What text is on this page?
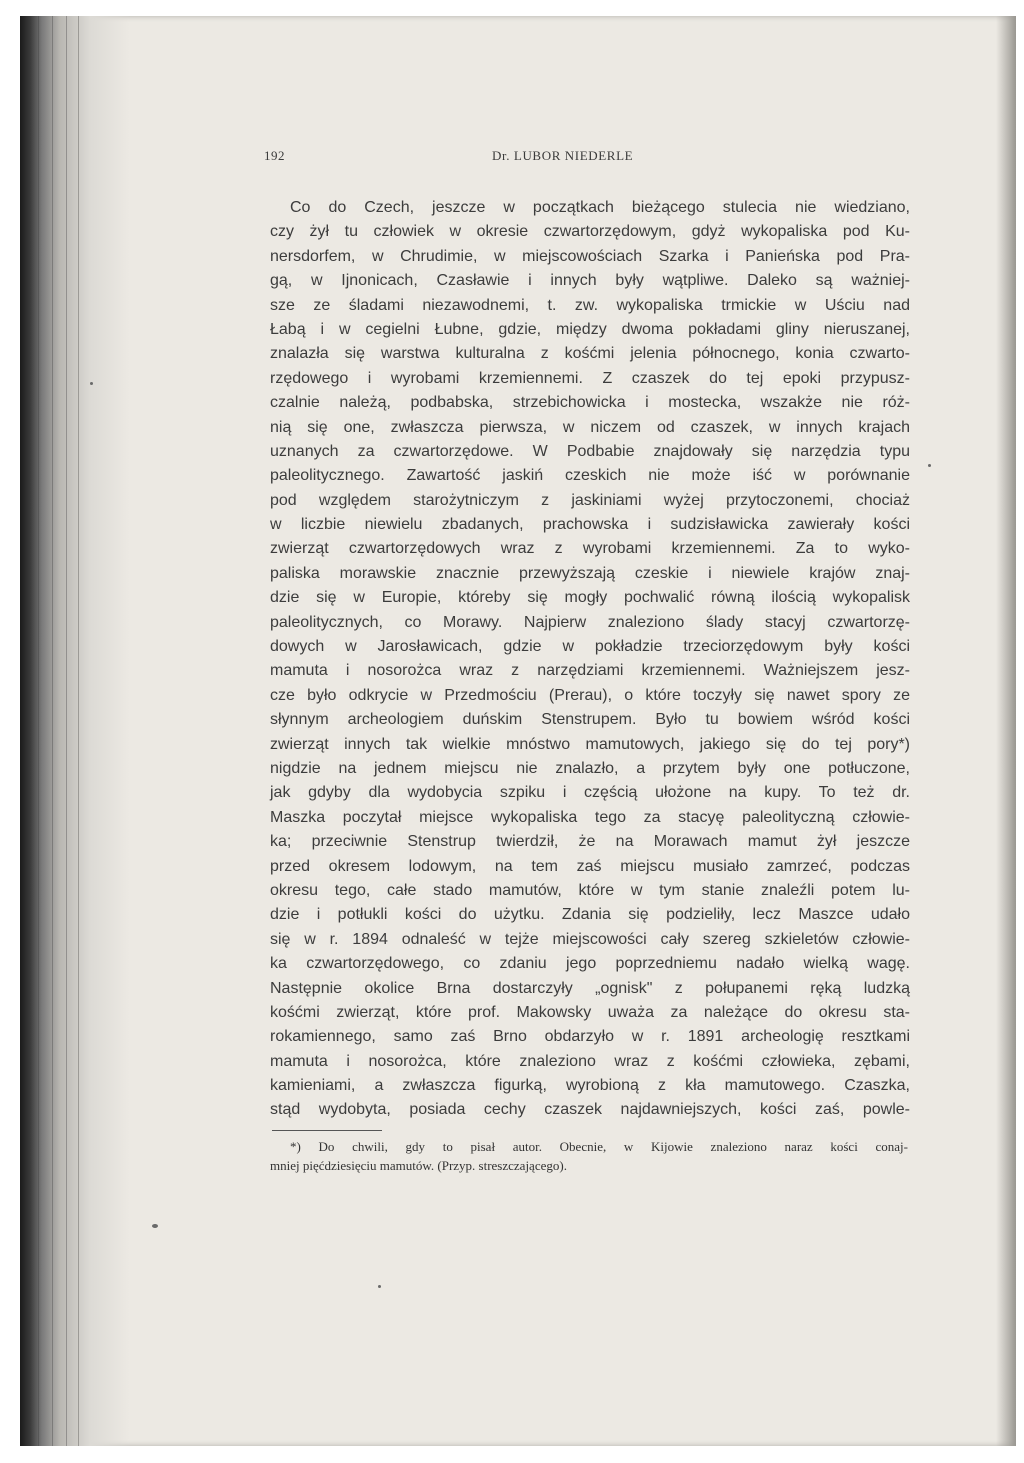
192	Dr. LUBOR NIEDERLE
Co do Czech, jeszcze w początkach bieżącego stulecia nie wiedziano,
czy żył tu człowiek w okresie czwartorzędowym, gdyż wykopaliska pod Ku-
nersdorfem, w Chrudimie, w miejscowościach Szarka i Panieńska pod Pra-
gą, w Ijnonicach, Czasławie i innych były wątpliwe. Daleko są ważniej-
sze ze śladami niezawodnemi, t. zw. wykopaliska trmickie w Uściu nad
Łabą i w cegielni Łubne, gdzie, między dwoma pokładami gliny nieruszanej,
znalazła się warstwa kulturalna z kośćmi jelenia północnego, konia czwarto-
rzędowego i wyrobami krzemiennemi. Z czaszek do tej epoki przypusz-
czalnie należą, podbabska, strzebichowicka i mostecka, wszakże nie róż-
nią się one, zwłaszcza pierwsza, w niczem od czaszek, w innych krajach
uznanych za czwartorzędowe. W Podbabie znajdowały się narzędzia typu
paleolitycznego. Zawartość jaskiń czeskich nie może iść w porównanie
pod względem starożytniczym z jaskiniami wyżej przytoczonemi, chociaż
w liczbie niewielu zbadanych, prachowska i sudzisławicka zawierały kości
zwierząt czwartorzędowych wraz z wyrobami krzemiennemi. Za to wyko-
paliska morawskie znacznie przewyższają czeskie i niewiele krajów znaj-
dzie się w Europie, któreby się mogły pochwalić równą ilością wykopalisk
paleolitycznych, co Morawy. Najpierw znaleziono ślady stacyj czwartorzę-
dowych w Jarosławicach, gdzie w pokładzie trzeciorzędowym były kości
mamuta i nosorożca wraz z narzędziami krzemiennemi. Ważniejszem jesz-
cze było odkrycie w Przedmościu (Prerau), o które toczyły się nawet spory ze
słynnym archeologiem duńskim Stenstrupem. Było tu bowiem wśród kości
zwierząt innych tak wielkie mnóstwo mamutowych, jakiego się do tej pory*)
nigdzie na jednem miejscu nie znalazło, a przytem były one potłuczone,
jak gdyby dla wydobycia szpiku i częścią ułożone na kupy. To też dr.
Maszka poczytał miejsce wykopaliska tego za stacyę paleolityczną człowie-
ka; przeciwnie Stenstrup twierdził, że na Morawach mamut żył jeszcze
przed okresem lodowym, na tem zaś miejscu musiało zamrzeć, podczas
okresu tego, całe stado mamutów, które w tym stanie znaleźli potem lu-
dzie i potłukli kości do użytku. Zdania się podzieliły, lecz Maszce udało
się w r. 1894 odnaleść w tejże miejscowości cały szereg szkieletów człowie-
ka czwartorzędowego, co zdaniu jego poprzedniemu nadało wielką wagę.
Następnie okolice Brna dostarczyły „ognisk" z połupanemi ręką ludzką
kośćmi zwierząt, które prof. Makowsky uważa za należące do okresu sta-
rokamiennego, samo zaś Brno obdarzyło w r. 1891 archeologię resztkami
mamuta i nosorożca, które znaleziono wraz z kośćmi człowieka, zębami,
kamieniami, a zwłaszcza figurką, wyrobioną z kła mamutowego. Czaszka,
stąd wydobyta, posiada cechy czaszek najdawniejszych, kości zaś, powle-
*) Do chwili, gdy to pisał autor. Obecnie, w Kijowie znaleziono naraz kości conaj-
mniej pięćdziesięciu mamutów. (Przyp. streszczającego).
